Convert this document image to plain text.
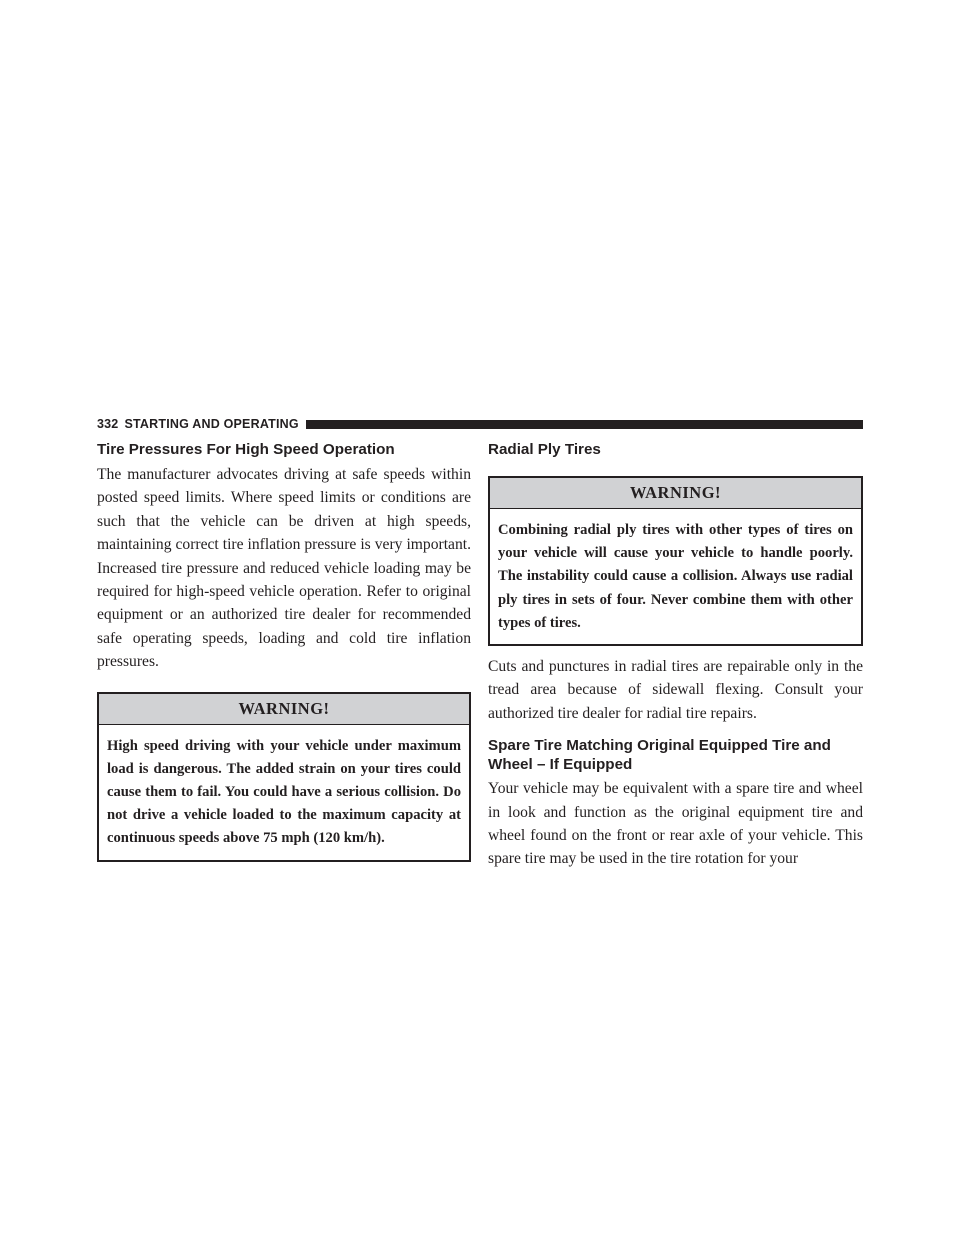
332 STARTING AND OPERATING
Tire Pressures For High Speed Operation

The manufacturer advocates driving at safe speeds within posted speed limits. Where speed limits or conditions are such that the vehicle can be driven at high speeds, maintaining correct tire inflation pressure is very important. Increased tire pressure and reduced vehicle loading may be required for high-speed vehicle operation. Refer to original equipment or an authorized tire dealer for recommended safe operating speeds, loading and cold tire inflation pressures.

WARNING!
High speed driving with your vehicle under maximum load is dangerous. The added strain on your tires could cause them to fail. You could have a serious collision. Do not drive a vehicle loaded to the maximum capacity at continuous speeds above 75 mph (120 km/h).
Radial Ply Tires
WARNING!
Combining radial ply tires with other types of tires on your vehicle will cause your vehicle to handle poorly. The instability could cause a collision. Always use radial ply tires in sets of four. Never combine them with other types of tires.

Cuts and punctures in radial tires are repairable only in the tread area because of sidewall flexing. Consult your authorized tire dealer for radial tire repairs.

Spare Tire Matching Original Equipped Tire and Wheel – If Equipped

Your vehicle may be equivalent with a spare tire and wheel in look and function as the original equipment tire and wheel found on the front or rear axle of your vehicle. This spare tire may be used in the tire rotation for your
